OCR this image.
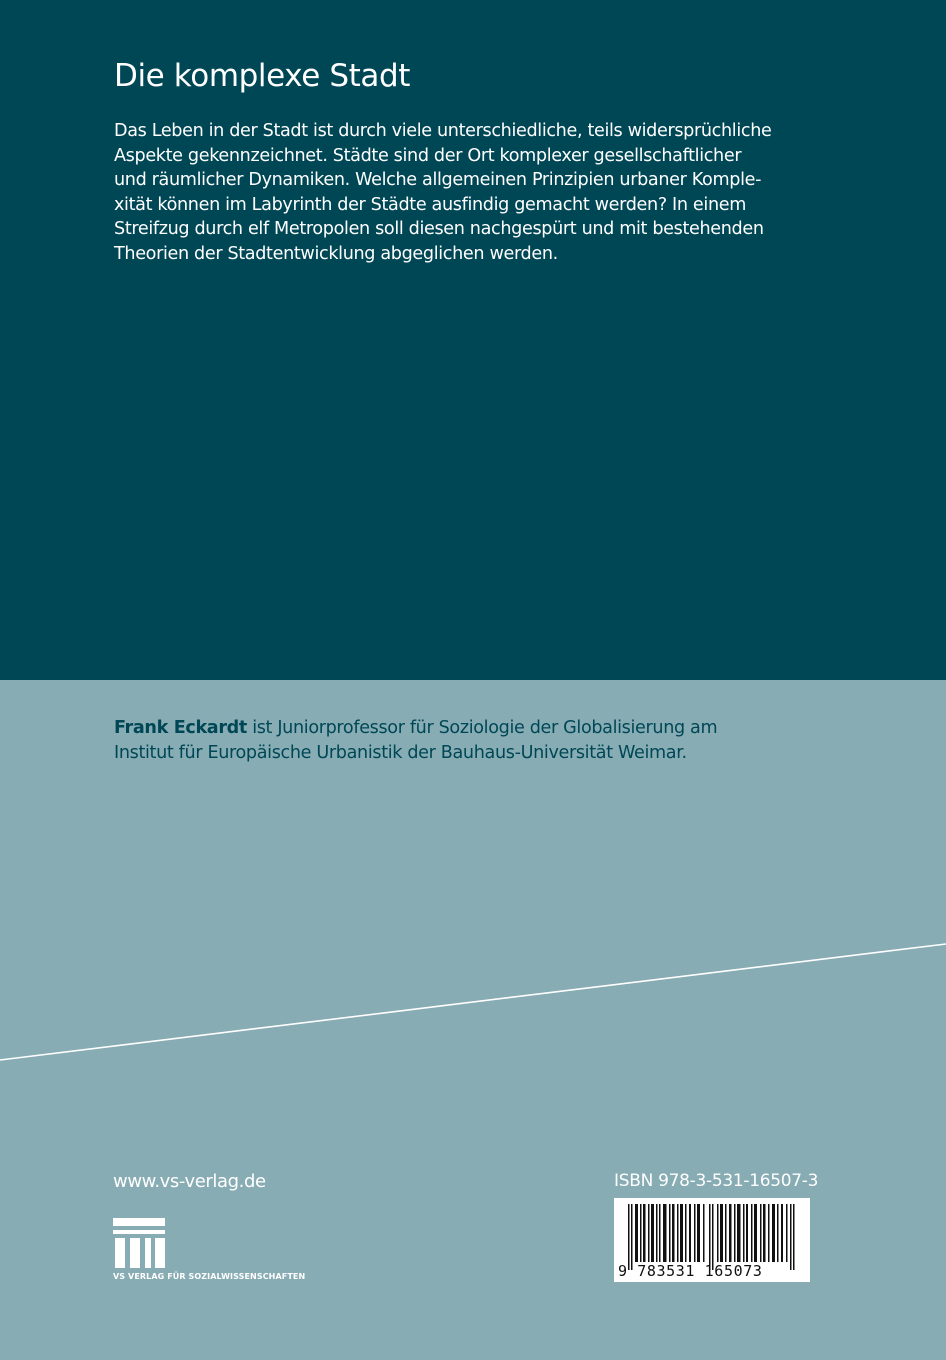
Die komplexe Stadt

Das Leben in der Stadt ist durch viele unterschiedliche, teils widersprüchliche
Aspekte gekennzeichnet. Städte sind der Ort komplexer gesellschaftlicher
und räumlicher Dynamiken. Welche allgemeinen Prinzipien urbaner Komple-
xität können im Labyrinth der Städte ausfindig gemacht werden? In einem
Streifzug durch elf Metropolen soll diesen nachgespürt und mit bestehenden
Theorien der Stadtentwicklung abgeglichen werden.

Frank Eckardt ist Juniorprofessor für Soziologie der Globalisierung am
Institut für Europäische Urbanistik der Bauhaus-Universität Weimar.

www.vs-verlag.de

VS VERLAG FÜR SOZIALWISSENSCHAFTEN

ISBN 978-3-531-16507-3

9 783531 165073
